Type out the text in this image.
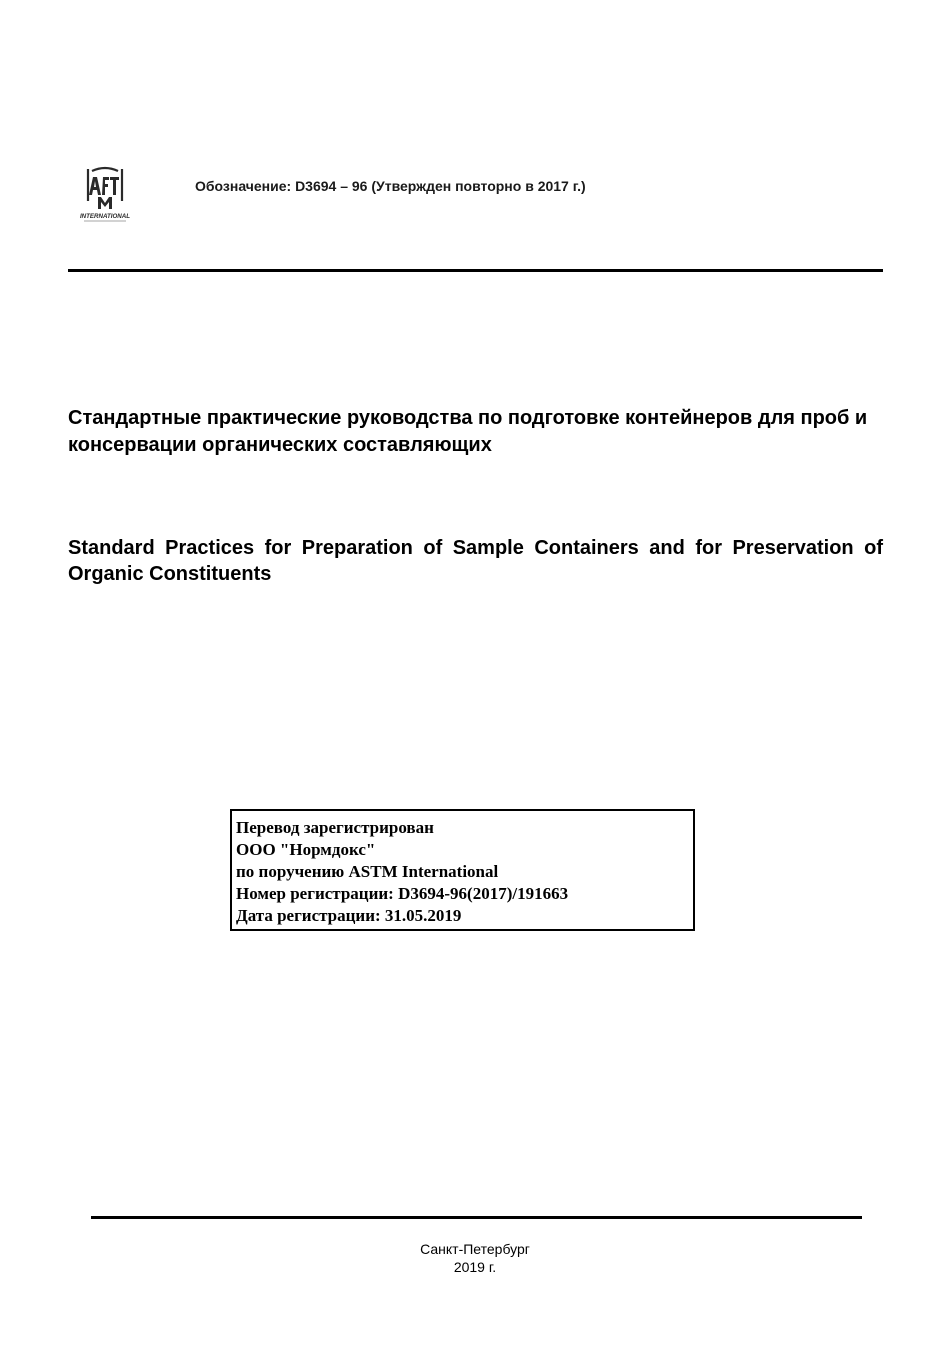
INTERNATIONAL
Обозначение: D3694 – 96 (Утвержден повторно в 2017 г.)

Стандартные практические руководства по подготовке контейнеров для проб и консервации органических составляющих

Standard Practices for Preparation of Sample Containers and for Preservation of Organic Constituents

Перевод зарегистрирован
ООО "Нормдокс"
по поручению ASTM International
Номер регистрации: D3694-96(2017)/191663
Дата регистрации: 31.05.2019
Санкт-Петербург
2019 г.
